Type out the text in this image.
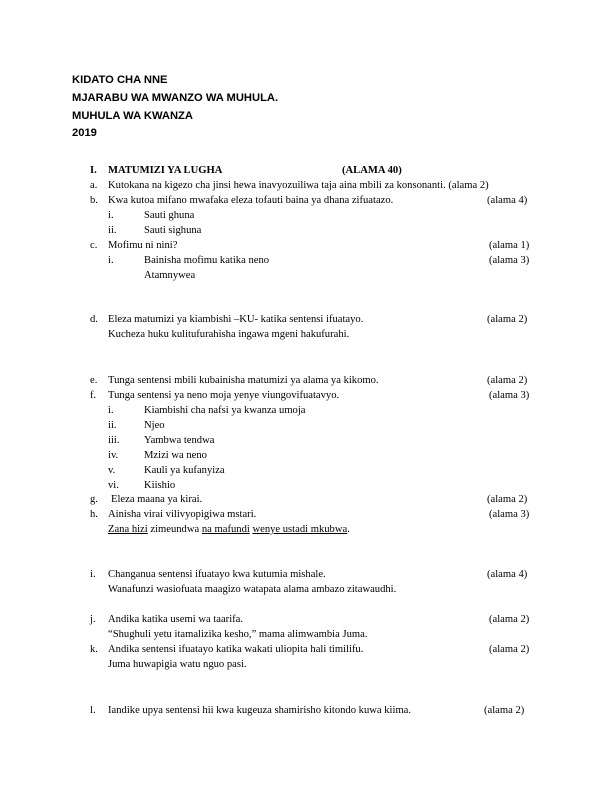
KIDATO CHA NNE
MJARABU WA MWANZO WA MUHULA.
MUHULA WA KWANZA
2019
I. MATUMIZI YA LUGHA	(ALAMA 40)
a. Kutokana na kigezo cha jinsi hewa inavyozuiliwa taja aina mbili za konsonanti. (alama 2)
b. Kwa kutoa mifano mwafaka eleza tofauti baina ya dhana zifuatazo.	(alama 4)
i.	Sauti ghuna
ii.	Sauti sighuna
c. Mofimu ni nini?	(alama 1)
i.	Bainisha mofimu katika neno	(alama 3)
Atamnywea
d. Eleza matumizi ya kiambishi –KU- katika sentensi ifuatayo.	(alama 2)
Kucheza huku kulitufurahisha ingawa mgeni hakufurahi.
e. Tunga sentensi mbili kubainisha matumizi ya alama ya kikomo.	(alama 2)
f. Tunga sentensi ya neno moja yenye viungovifuatavyo.	(alama 3)
i.	Kiambishi cha nafsi ya kwanza umoja
ii.	Njeo
iii. Yambwa tendwa
iv. Mzizi wa neno
v.	Kauli ya kufanyiza
vi. Kiishio
g. Eleza maana ya kirai.	(alama 2)
h. Ainisha virai vilivyopigiwa mstari.	(alama 3)
Zana hizi zimeundwa na mafundi wenye ustadi mkubwa.
i. Changanua sentensi ifuatayo kwa kutumia mishale.	(alama 4)
Wanafunzi wasiofuata maagizo watapata alama ambazo zitawaudhi.
j. Andika katika usemi wa taarifa.	(alama 2)
“Shughuli yetu itamalizika kesho,” mama alimwambia Juma.
k. Andika sentensi ifuatayo katika wakati uliopita hali timilifu.	(alama 2)
Juma huwapigia watu nguo pasi.
l. Iandike upya sentensi hii kwa kugeuza shamirisho kitondo kuwa kiima.	(alama 2)
